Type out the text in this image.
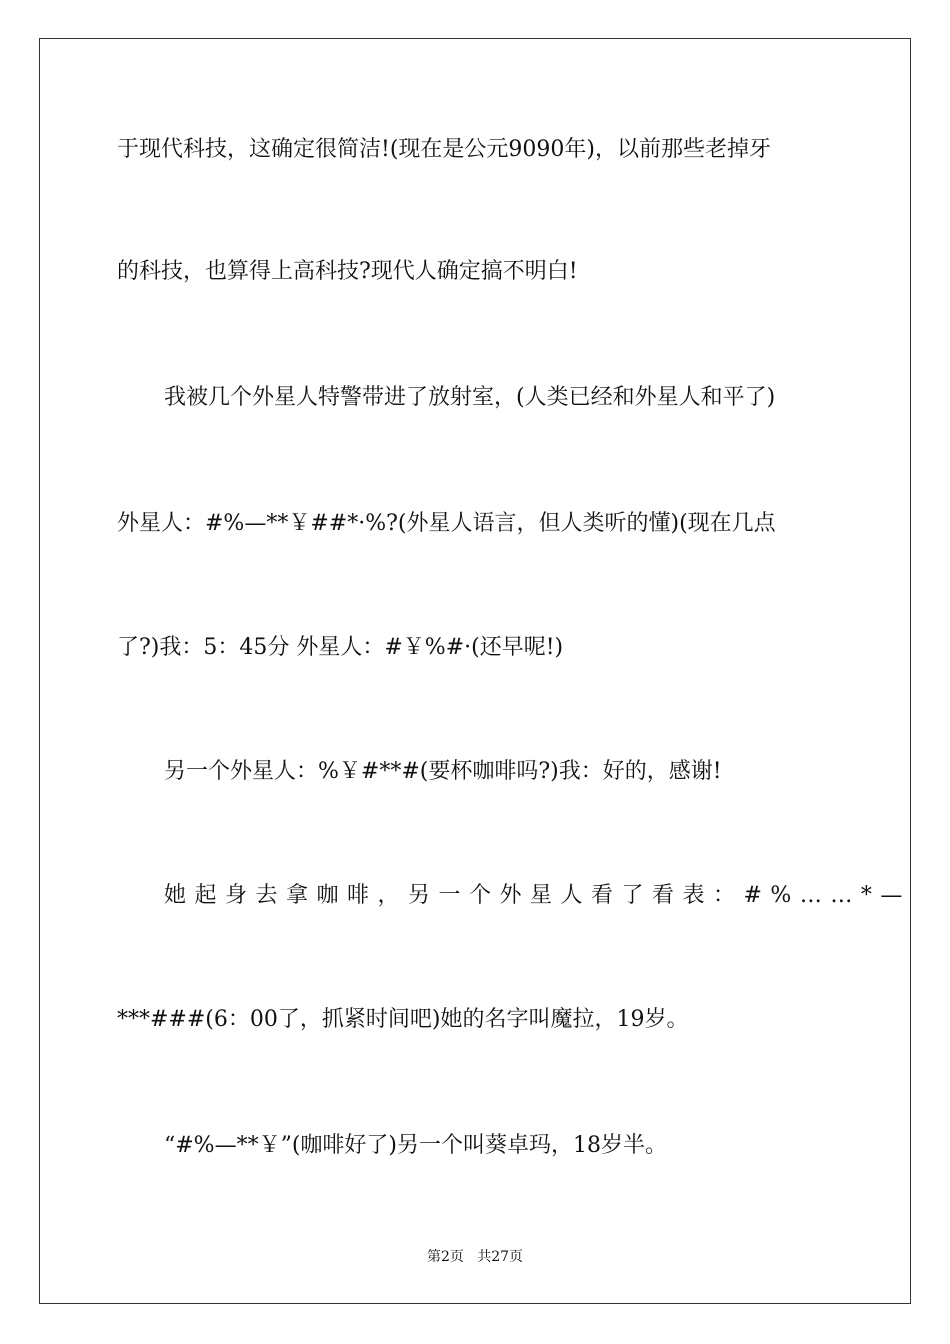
于现代科技，这确定很简洁!(现在是公元9090年)，以前那些老掉牙
的科技，也算得上高科技?现代人确定搞不明白!
我被几个外星人特警带进了放射室，(人类已经和外星人和平了)
外星人：#%—**￥##*·%?(外星人语言，但人类听的懂)(现在几点
了?)我：5：45分 外星人：#￥%#·(还早呢!)
另一个外星人：%￥#**#(要杯咖啡吗?)我：好的，感谢!
她起身去拿咖啡，另一个外星人看了看表：#%……*—
***###(6：00了，抓紧时间吧)她的名字叫魔拉，19岁。
“#%—**￥”(咖啡好了)另一个叫葵卓玛，18岁半。
第2页   共27页
